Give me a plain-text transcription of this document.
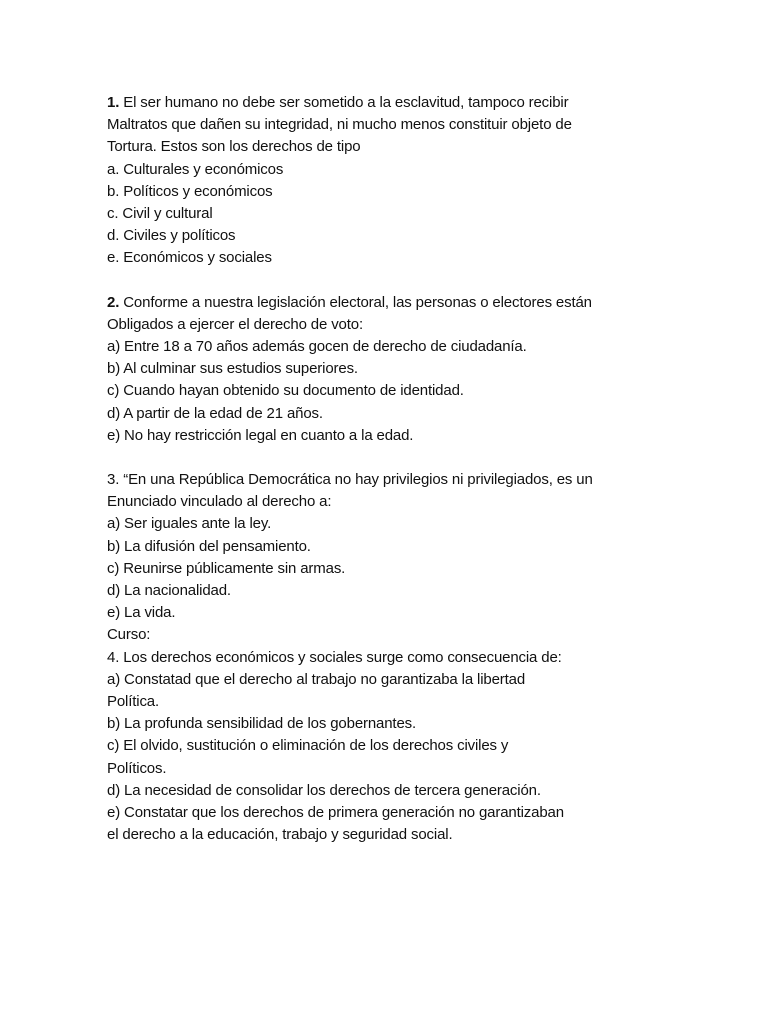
1. El ser humano no debe ser sometido a la esclavitud, tampoco recibir
Maltratos que dañen su integridad, ni mucho menos constituir objeto de
Tortura. Estos son los derechos de tipo
a. Culturales y económicos
b. Políticos y económicos
c. Civil y cultural
d. Civiles y políticos
e. Económicos y sociales
2. Conforme a nuestra legislación electoral, las personas o electores están
Obligados a ejercer el derecho de voto:
a) Entre 18 a 70 años además gocen de derecho de ciudadanía.
b) Al culminar sus estudios superiores.
c) Cuando hayan obtenido su documento de identidad.
d) A partir de la edad de 21 años.
e) No hay restricción legal en cuanto a la edad.
3. “En una República Democrática no hay privilegios ni privilegiados, es un
Enunciado vinculado al derecho a:
a) Ser iguales ante la ley.
b) La difusión del pensamiento.
c) Reunirse públicamente sin armas.
d) La nacionalidad.
e) La vida.
Curso:
4. Los derechos económicos y sociales surge como consecuencia de:
a) Constatad que el derecho al trabajo no garantizaba la libertad
Política.
b) La profunda sensibilidad de los gobernantes.
c) El olvido, sustitución o eliminación de los derechos civiles y
Políticos.
d) La necesidad de consolidar los derechos de tercera generación.
e) Constatar que los derechos de primera generación no garantizaban
el derecho a la educación, trabajo y seguridad social.
